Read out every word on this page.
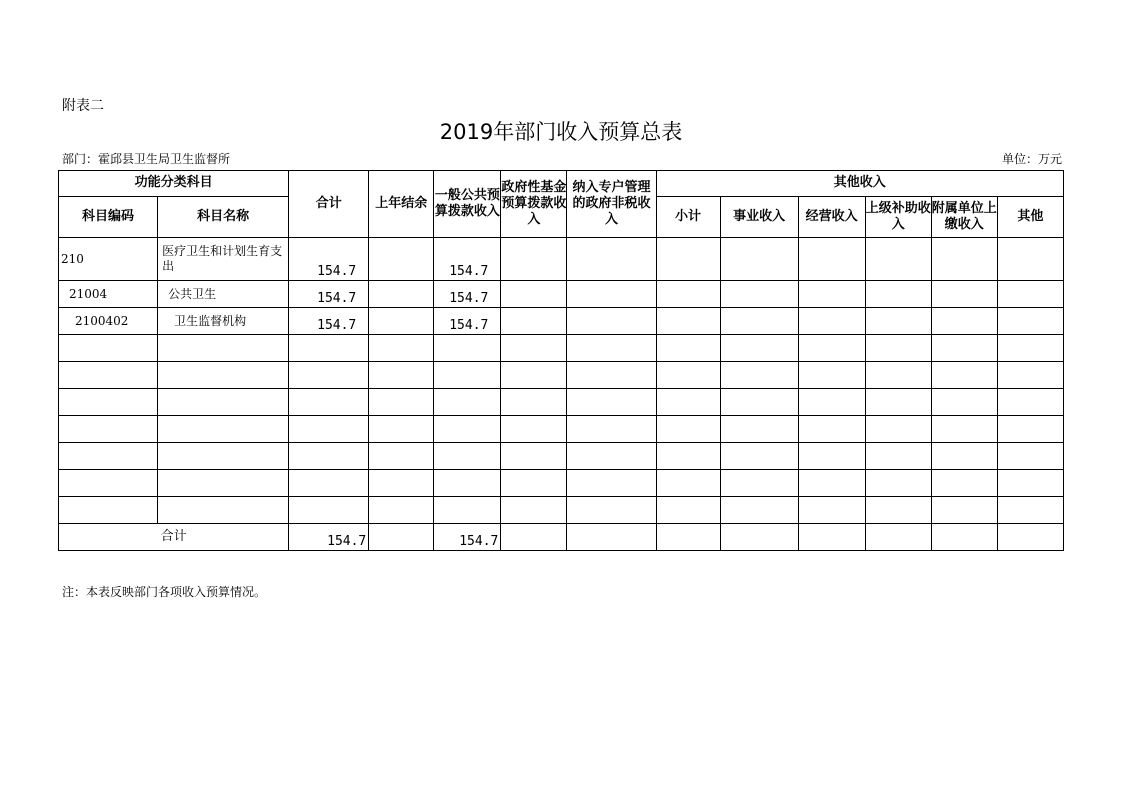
附表二
2019年部门收入预算总表
部门：霍邱县卫生局卫生监督所	单位：万元
功能分类科目		合计	上年结余	一般公共预算拨款收入	政府性基金预算拨款收入	纳入专户管理的政府非税收入	其他收入					
科目编码	科目名称						小计	事业收入	经营收入	上级补助收入	附属单位上缴收入	其他
210	医疗卫生和计划生育支出	154.7		154.7								
21004	公共卫生	154.7		154.7								
2100402	卫生监督机构	154.7		154.7								

合计		154.7		154.7								
注：本表反映部门各项收入预算情况。
